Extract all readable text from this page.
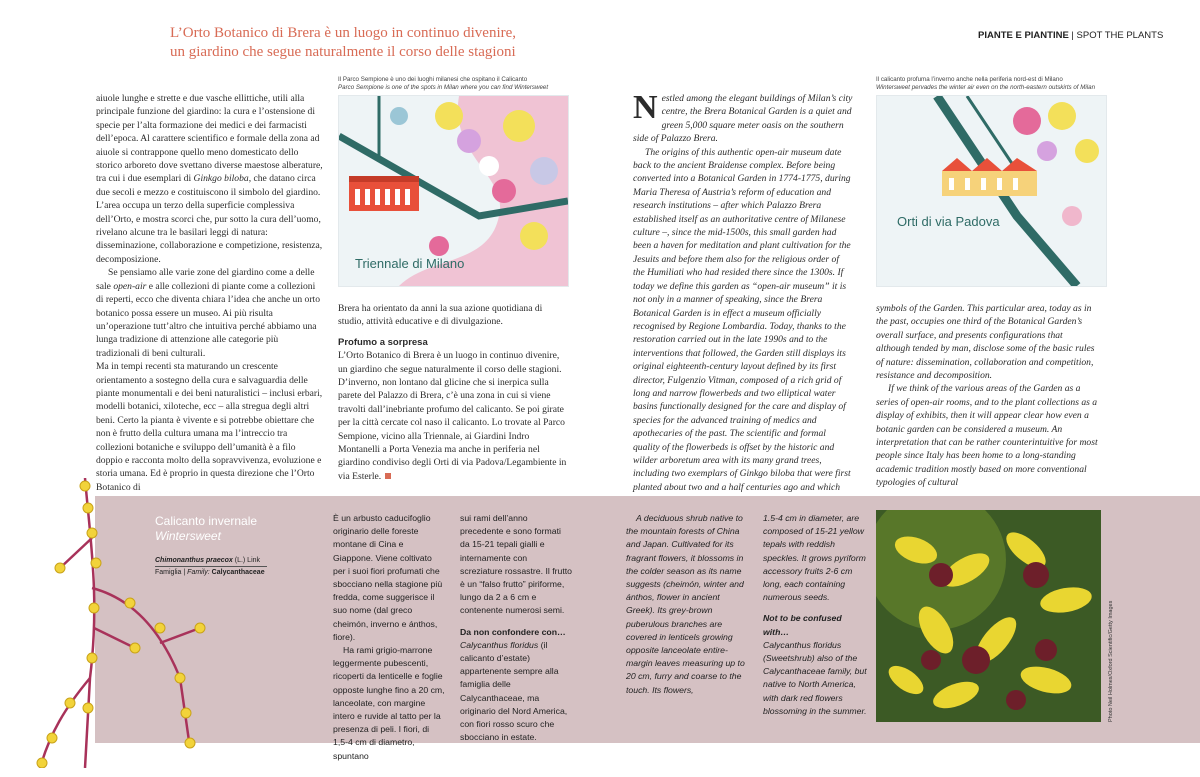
L’Orto Botanico di Brera è un luogo in continuo divenire,
un giardino che segue naturalmente il corso delle stagioni
PIANTE E PIANTINE | SPOT THE PLANTS

aiuole lunghe e strette e due vasche ellittiche, utili alla principale funzione del giardino: la cura e l’ostensione di specie per l’alta formazione dei medici e dei farmacisti dell’epoca. Al carattere scientifico e formale della zona ad aiuole si contrappone quello meno domesticato dello storico arboreto dove svettano diverse maestose alberature, tra cui i due esemplari di Ginkgo biloba, che datano circa due secoli e mezzo e costituiscono il simbolo del giardino. L’area occupa un terzo della superficie complessiva dell’Orto, e mostra scorci che, pur sotto la cura dell’uomo, rivelano alcune tra le basilari leggi di natura: disseminazione, collaborazione e competizione, resistenza, decomposizione.

Se pensiamo alle varie zone del giardino come a delle sale open-air e alle collezioni di piante come a collezioni di reperti, ecco che diventa chiara l’idea che anche un orto botanico possa essere un museo. Ai più risulta un’operazione tutt’altro che intuitiva perché abbiamo una lunga tradizione di attenzione alle categorie più tradizionali di beni culturali.

Ma in tempi recenti sta maturando un crescente orientamento a sostegno della cura e salvaguardia delle piante monumentali e dei beni naturalistici – inclusi erbari, modelli botanici, xiloteche, ecc – alla stregua degli altri beni. Certo la pianta è vivente e si potrebbe obiettare che non è frutto della cultura umana ma l’intreccio tra collezioni botaniche e sviluppo dell’umanità è a filo doppio e racconta molto della sopravvivenza, evoluzione e storia umana. Ed è proprio in questa direzione che l’Orto Botanico di

Il Parco Sempione è uno dei luoghi milanesi che ospitano il Calicanto
Parco Sempione is one of the spots in Milan where you can find Wintersweet
Triennale di Milano

Brera ha orientato da anni la sua azione quotidiana di studio, attività educative e di divulgazione.

Profumo a sorpresa

L’Orto Botanico di Brera è un luogo in continuo divenire, un giardino che segue naturalmente il corso delle stagioni. D’inverno, non lontano dal glicine che si inerpica sulla parete del Palazzo di Brera, c’è una zona in cui si viene travolti dall’inebriante profumo del calicanto. Se poi girate per la città cercate col naso il calicanto. Lo trovate al Parco Sempione, vicino alla Triennale, ai Giardini Indro Montanelli a Porta Venezia ma anche in periferia nel giardino condiviso degli Orti di via Padova/Legambiente in via Esterle.

Nestled among the elegant buildings of Milan’s city centre, the Brera Botanical Garden is a quiet and green 5,000 square meter oasis on the southern side of Palazzo Brera.

The origins of this authentic open-air museum date back to the ancient Braidense complex. Before being converted into a Botanical Garden in 1774-1775, during Maria Theresa of Austria’s reform of education and research institutions – after which Palazzo Brera established itself as an authoritative centre of Milanese culture –, since the mid-1500s, this small garden had been a haven for meditation and plant cultivation for the Jesuits and before them also for the religious order of the Humiliati who had resided there since the 1300s. If today we define this garden as “open-air museum” it is not only in a manner of speaking, since the Brera Botanical Garden is in effect a museum officially recognised by Regione Lombardia. Today, thanks to the restoration carried out in the late 1990s and to the interventions that followed, the Garden still displays its original eighteenth-century layout defined by its first director, Fulgenzio Vitman, composed of a rich grid of long and narrow flowerbeds and two elliptical water basins functionally designed for the care and display of species for the advanced training of medics and apothecaries of the past. The scientific and formal quality of the flowerbeds is offset by the historic and wilder arboretum area with its many grand trees, including two exemplars of Ginkgo biloba that were first planted about two and a half centuries ago and which

Il calicanto profuma l’inverno anche nella periferia nord-est di Milano
Wintersweet pervades the winter air even on the north-eastern outskirts of Milan
Orti di via Padova

symbols of the Garden. This particular area, today as in the past, occupies one third of the Botanical Garden’s overall surface, and presents configurations that although tended by man, disclose some of the basic rules of nature: dissemination, collaboration and competition, resistance and decomposition.

If we think of the various areas of the Garden as a series of open-air rooms, and to the plant collections as a display of exhibits, then it will appear clear how even a botanic garden can be considered a museum. An interpretation that can be rather counterintuitive for most people since Italy has been home to a long-standing academic tradition mostly based on more conventional typologies of cultural

Calicanto invernale
Wintersweet
Chimonanthus praecox (L.) Link
Famiglia | Family: Calycanthaceae

È un arbusto caducifoglio originario delle foreste montane di Cina e Giappone. Viene coltivato per i suoi fiori profumati che sbocciano nella stagione più fredda, come suggerisce il suo nome (dal greco cheimón, inverno e ánthos, fiore).

Ha rami grigio-marrone leggermente pubescenti, ricoperti da lenticelle e foglie opposte lunghe fino a 20 cm, lanceolate, con margine intero e ruvide al tatto per la presenza di peli. I fiori, di 1,5-4 cm di diametro, spuntano

sui rami dell’anno precedente e sono formati da 15-21 tepali gialli e internamente con screziature rossastre. Il frutto è un “falso frutto” piriforme, lungo da 2 a 6 cm e contenente numerosi semi.

Da non confondere con…

Calycanthus floridus (il calicanto d’estate) appartenente sempre alla famiglia delle Calycanthaceae, ma originario del Nord America, con fiori rosso scuro che sbocciano in estate.

A deciduous shrub native to the mountain forests of China and Japan. Cultivated for its fragrant flowers, it blossoms in the colder season as its name suggests (cheimón, winter and ánthos, flower in ancient Greek). Its grey-brown puberulous branches are covered in lenticels growing opposite lanceolate entire-margin leaves measuring up to 20 cm, furry and coarse to the touch. Its flowers,

1.5-4 cm in diameter, are composed of 15-21 yellow tepals with reddish speckles. It grows pyriform accessory fruits 2-6 cm long, each containing numerous seeds.

Not to be confused with…

Calycanthus floridus (Sweetshrub) also of the Calycanthaceae family, but native to North America, with dark red flowers blossoming in the summer.	Photo Neil Holmes/Oxford Scientific/Getty Images
